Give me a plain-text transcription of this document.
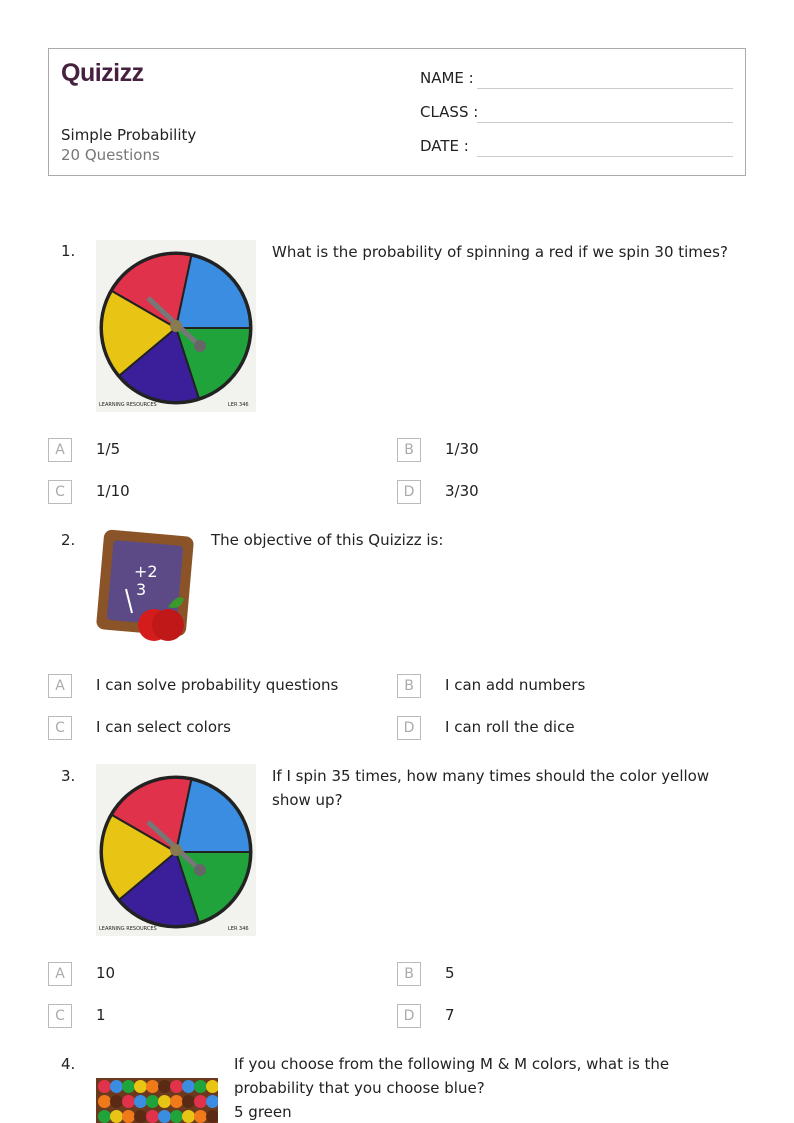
Quizizz
Simple Probability
20 Questions
NAME :
CLASS :
DATE :
1.
LEARNING RESOURCES	LER 346
What is the probability of spinning a red if we spin 30 times?
A	1/5	B	1/30
C	1/10	D	3/30
2.
+2
3
The objective of this Quizizz is:
A	I can solve probability questions	B	I can add numbers
C	I can select colors	D	I can roll the dice
3.
LEARNING RESOURCES	LER 346
If I spin 35 times, how many times should the color yellow show up?
A	10	B	5
C	1	D	7
4.	If you choose from the following M & M colors, what is the probability that you choose blue?
5 green
